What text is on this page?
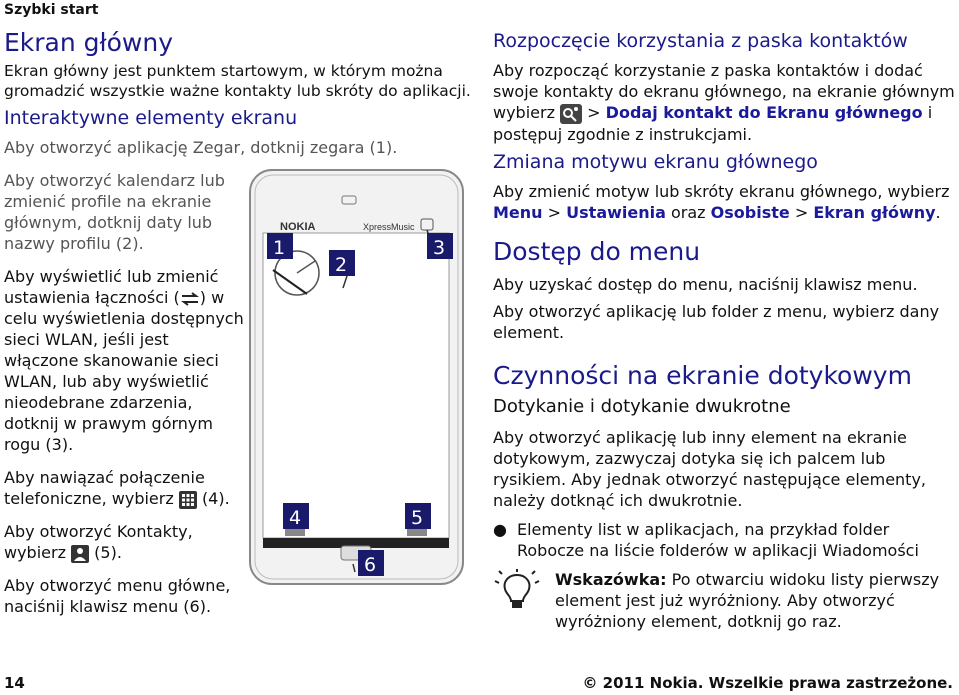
Szybki start
Ekran główny
Ekran główny jest punktem startowym, w którym można gromadzić wszystkie ważne kontakty lub skróty do aplikacji.
Interaktywne elementy ekranu
Aby otworzyć aplikację Zegar, dotknij zegara (1).
Aby otworzyć kalendarz lub zmienić profile na ekranie głównym, dotknij daty lub nazwy profilu (2).
Aby wyświetlić lub zmienić ustawienia łączności ( ) w celu wyświetlenia dostępnych sieci WLAN, jeśli jest włączone skanowanie sieci WLAN, lub aby wyświetlić nieodebrane zdarzenia, dotknij w prawym górnym rogu (3).
Aby nawiązać połączenie telefoniczne, wybierz (4).
Aby otworzyć Kontakty, wybierz (5).
Aby otworzyć menu główne, naciśnij klawisz menu (6).
NOKIA	XpressMusic
1
2
3
4	5
6
Rozpoczęcie korzystania z paska kontaktów
Aby rozpocząć korzystanie z paska kontaktów i dodać swoje kontakty do ekranu głównego, na ekranie głównym wybierz > Dodaj kontakt do Ekranu głównego i postępuj zgodnie z instrukcjami.
Zmiana motywu ekranu głównego
Aby zmienić motyw lub skróty ekranu głównego, wybierz Menu > Ustawienia oraz Osobiste > Ekran główny.
Dostęp do menu
Aby uzyskać dostęp do menu, naciśnij klawisz menu.
Aby otworzyć aplikację lub folder z menu, wybierz dany element.
Czynności na ekranie dotykowym
Dotykanie i dotykanie dwukrotne
Aby otworzyć aplikację lub inny element na ekranie dotykowym, zazwyczaj dotyka się ich palcem lub rysikiem. Aby jednak otworzyć następujące elementy, należy dotknąć ich dwukrotnie.
● Elementy list w aplikacjach, na przykład folder Robocze na liście folderów w aplikacji Wiadomości
Wskazówka: Po otwarciu widoku listy pierwszy element jest już wyróżniony. Aby otworzyć wyróżniony element, dotknij go raz.
14	© 2011 Nokia. Wszelkie prawa zastrzeżone.
